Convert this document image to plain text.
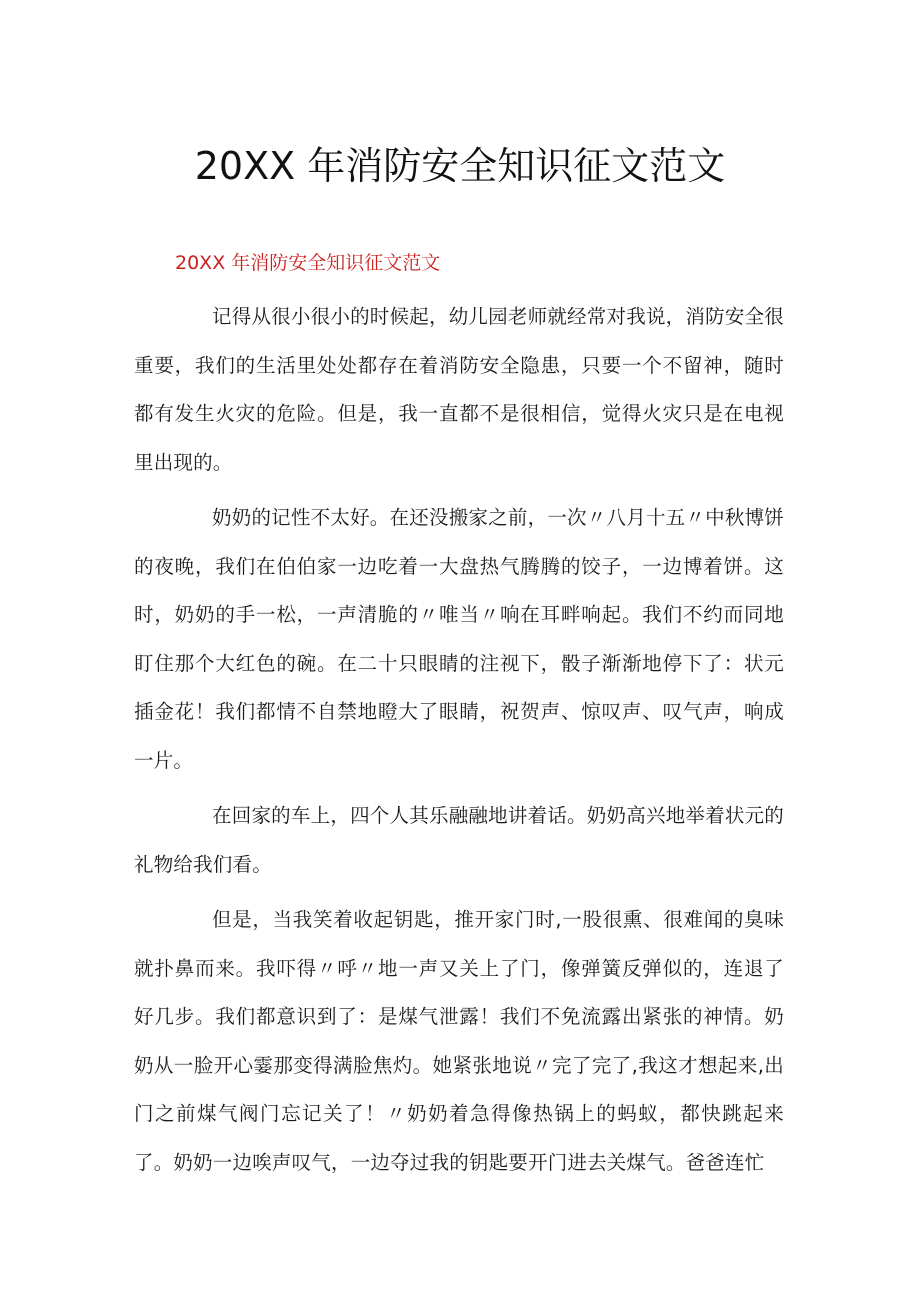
20XX 年消防安全知识征文范文

20XX 年消防安全知识征文范文

记得从很小很小的时候起，幼儿园老师就经常对我说，消防安全很重要，我们的生活里处处都存在着消防安全隐患，只要一个不留神，随时都有发生火灾的危险。但是，我一直都不是很相信，觉得火灾只是在电视里出现的。

奶奶的记性不太好。在还没搬家之前，一次〃八月十五〃中秋博饼的夜晚，我们在伯伯家一边吃着一大盘热气腾腾的饺子，一边博着饼。这时，奶奶的手一松，一声清脆的〃唯当〃响在耳畔响起。我们不约而同地盯住那个大红色的碗。在二十只眼睛的注视下，骰子渐渐地停下了：状元插金花！我们都情不自禁地瞪大了眼睛，祝贺声、惊叹声、叹气声，响成一片。

在回家的车上，四个人其乐融融地讲着话。奶奶高兴地举着状元的礼物给我们看。

但是，当我笑着收起钥匙，推开家门时,一股很熏、很难闻的臭味就扑鼻而来。我吓得〃呼〃地一声又关上了门，像弹簧反弹似的，连退了好几步。我们都意识到了：是煤气泄露！我们不免流露出紧张的神情。奶奶从一脸开心霎那变得满脸焦灼。她紧张地说〃完了完了,我这才想起来,出门之前煤气阀门忘记关了！〃奶奶着急得像热锅上的蚂蚁，都快跳起来了。奶奶一边唉声叹气，一边夺过我的钥匙要开门进去关煤气。爸爸连忙
